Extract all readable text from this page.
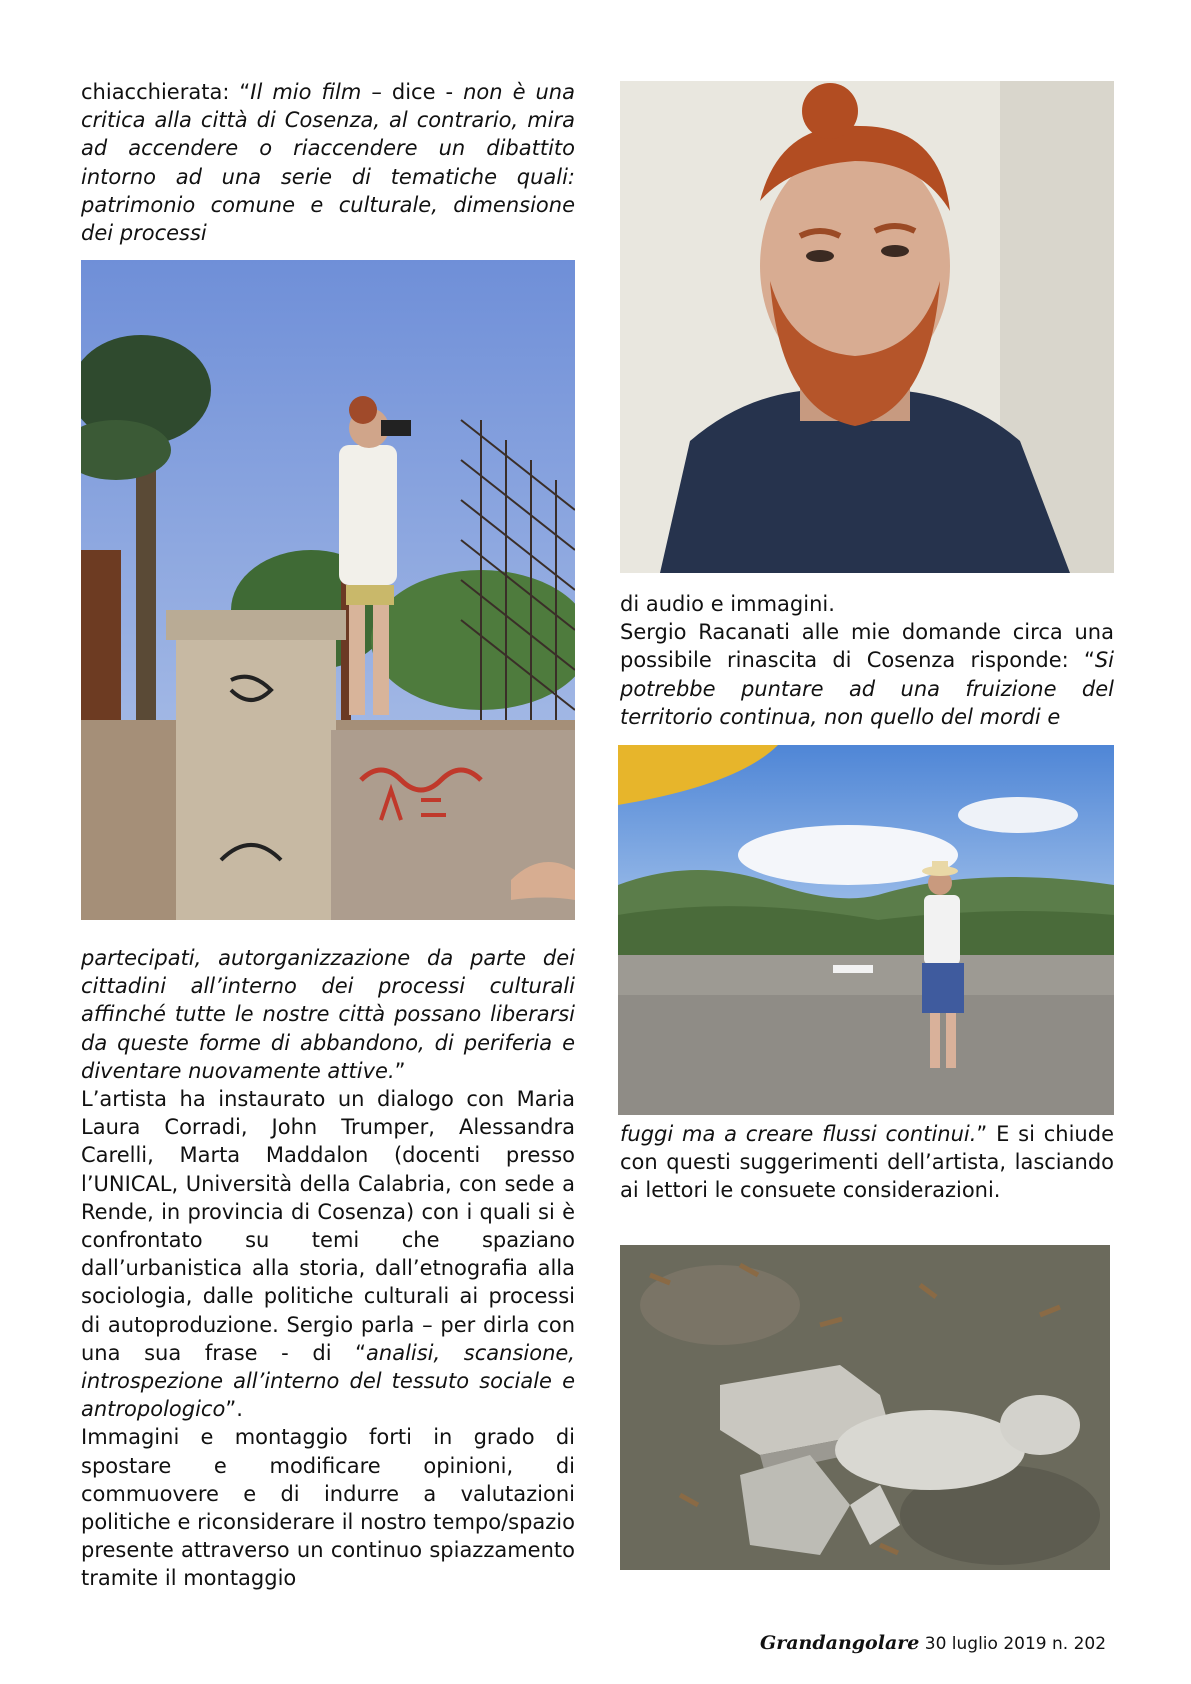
chiacchierata: “Il mio film – dice - non è una critica alla città di Cosenza, al contrario, mira ad accendere o riaccendere un dibattito intorno ad una serie di tematiche quali: patrimonio comune e culturale, dimensione dei processi

partecipati, autorganizzazione da parte dei cittadini all’interno dei processi culturali affinché tutte le nostre città possano liberarsi da queste forme di abbandono, di periferia e diventare nuovamente attive.”

L’artista ha instaurato un dialogo con Maria Laura Corradi, John Trumper, Alessandra Carelli, Marta Maddalon (docenti presso l’UNICAL, Università della Calabria, con sede a Rende, in provincia di Cosenza) con i quali si è confrontato su temi che spaziano dall’urbanistica alla storia, dall’etnografia alla sociologia, dalle politiche culturali ai processi di autoproduzione. Sergio parla – per dirla con una sua frase - di “analisi, scansione, introspezione all’interno del tessuto sociale e antropologico”.

Immagini e montaggio forti in grado di spostare e modificare opinioni, di commuovere e di indurre a valutazioni politiche e riconsiderare il nostro tempo/spazio presente attraverso un continuo spiazzamento tramite il montaggio

di audio e immagini.

Sergio Racanati alle mie domande circa una possibile rinascita di Cosenza risponde: “Si potrebbe puntare ad una fruizione del territorio continua, non quello del mordi e

fuggi ma a creare flussi continui.” E si chiude con questi suggerimenti dell’artista, lasciando ai lettori le consuete considerazioni.

Grandangolare 30 luglio 2019 n. 202
